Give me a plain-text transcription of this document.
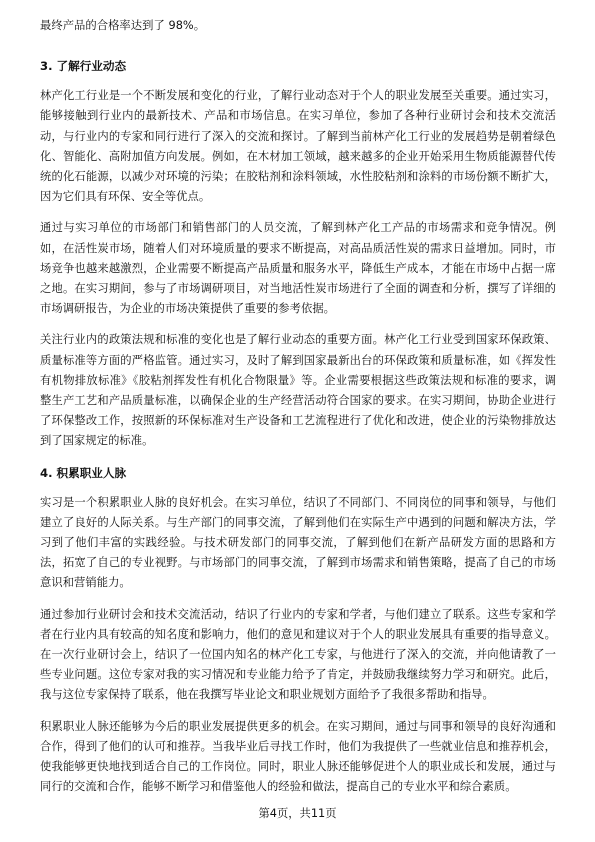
最终产品的合格率达到了 98%。

3. 了解行业动态

林产化工行业是一个不断发展和变化的行业，了解行业动态对于个人的职业发展至关重要。通过实习，能够接触到行业内的最新技术、产品和市场信息。在实习单位，参加了各种行业研讨会和技术交流活动，与行业内的专家和同行进行了深入的交流和探讨。了解到当前林产化工行业的发展趋势是朝着绿色化、智能化、高附加值方向发展。例如，在木材加工领域，越来越多的企业开始采用生物质能源替代传统的化石能源，以减少对环境的污染；在胶粘剂和涂料领域，水性胶粘剂和涂料的市场份额不断扩大，因为它们具有环保、安全等优点。

通过与实习单位的市场部门和销售部门的人员交流，了解到林产化工产品的市场需求和竞争情况。例如，在活性炭市场，随着人们对环境质量的要求不断提高，对高品质活性炭的需求日益增加。同时，市场竞争也越来越激烈，企业需要不断提高产品质量和服务水平，降低生产成本，才能在市场中占据一席之地。在实习期间，参与了市场调研项目，对当地活性炭市场进行了全面的调查和分析，撰写了详细的市场调研报告，为企业的市场决策提供了重要的参考依据。

关注行业内的政策法规和标准的变化也是了解行业动态的重要方面。林产化工行业受到国家环保政策、质量标准等方面的严格监管。通过实习，及时了解到国家最新出台的环保政策和质量标准，如《挥发性有机物排放标准》《胶粘剂挥发性有机化合物限量》等。企业需要根据这些政策法规和标准的要求，调整生产工艺和产品质量标准，以确保企业的生产经营活动符合国家的要求。在实习期间，协助企业进行了环保整改工作，按照新的环保标准对生产设备和工艺流程进行了优化和改进，使企业的污染物排放达到了国家规定的标准。

4. 积累职业人脉

实习是一个积累职业人脉的良好机会。在实习单位，结识了不同部门、不同岗位的同事和领导，与他们建立了良好的人际关系。与生产部门的同事交流，了解到他们在实际生产中遇到的问题和解决方法，学习到了他们丰富的实践经验。与技术研发部门的同事交流，了解到他们在新产品研发方面的思路和方法，拓宽了自己的专业视野。与市场部门的同事交流，了解到市场需求和销售策略，提高了自己的市场意识和营销能力。

通过参加行业研讨会和技术交流活动，结识了行业内的专家和学者，与他们建立了联系。这些专家和学者在行业内具有较高的知名度和影响力，他们的意见和建议对于个人的职业发展具有重要的指导意义。在一次行业研讨会上，结识了一位国内知名的林产化工专家，与他进行了深入的交流，并向他请教了一些专业问题。这位专家对我的实习情况和专业能力给予了肯定，并鼓励我继续努力学习和研究。此后，我与这位专家保持了联系，他在我撰写毕业论文和职业规划方面给予了我很多帮助和指导。

积累职业人脉还能够为今后的职业发展提供更多的机会。在实习期间，通过与同事和领导的良好沟通和合作，得到了他们的认可和推荐。当我毕业后寻找工作时，他们为我提供了一些就业信息和推荐机会，使我能够更快地找到适合自己的工作岗位。同时，职业人脉还能够促进个人的职业成长和发展，通过与同行的交流和合作，能够不断学习和借鉴他人的经验和做法，提高自己的专业水平和综合素质。

第4页，共11页
